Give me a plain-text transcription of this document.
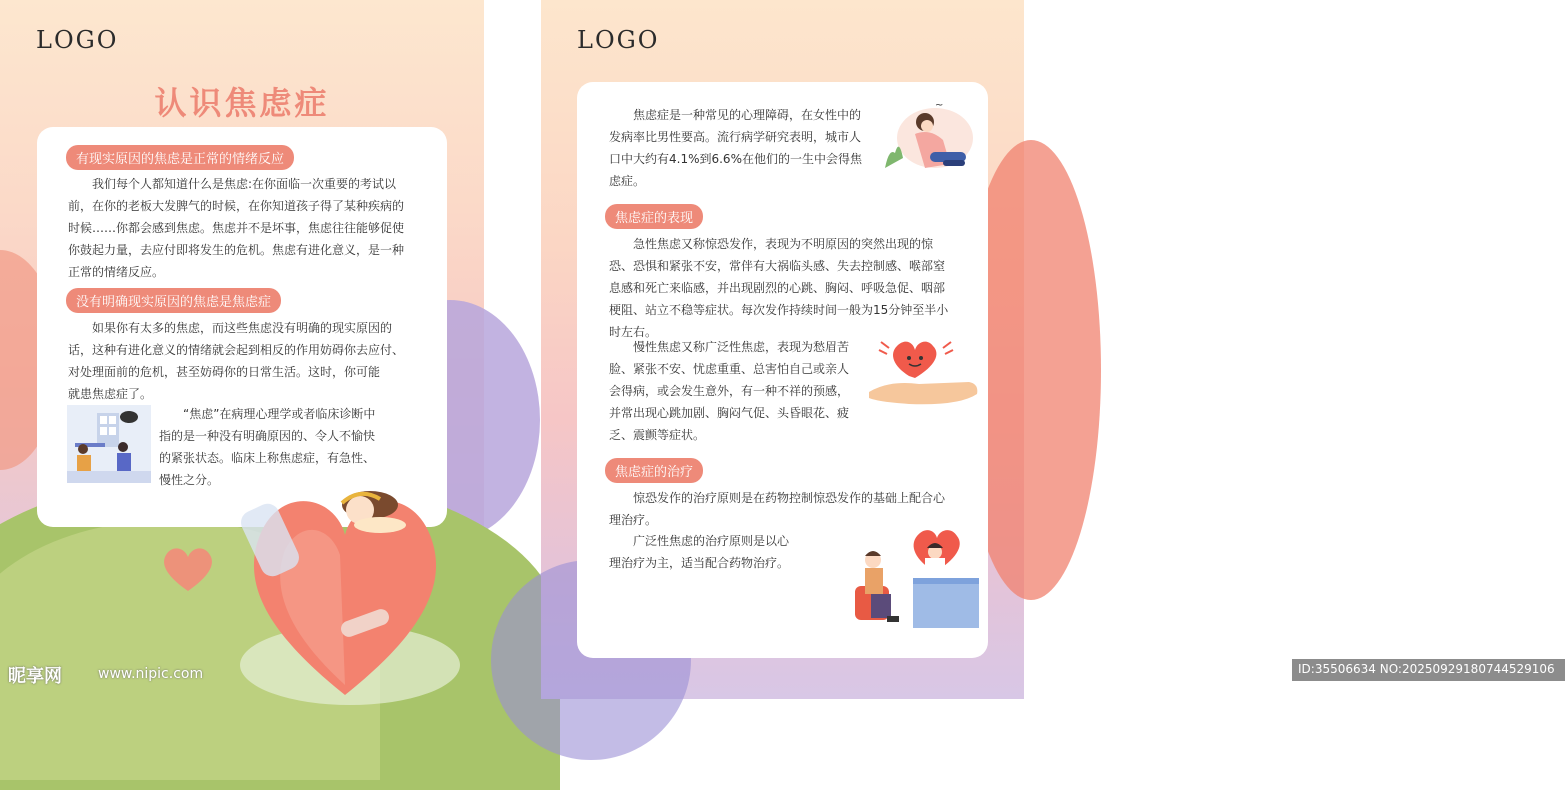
LOGO
认识焦虑症
有现实原因的焦虑是正常的情绪反应
我们每个人都知道什么是焦虑:在你面临一次重要的考试以
前，在你的老板大发脾气的时候，在你知道孩子得了某种疾病的
时候……你都会感到焦虑。焦虑并不是坏事，焦虑往往能够促使
你鼓起力量，去应付即将发生的危机。焦虑有进化意义，是一种
正常的情绪反应。
没有明确现实原因的焦虑是焦虑症
如果你有太多的焦虑，而这些焦虑没有明确的现实原因的
话，这种有进化意义的情绪就会起到相反的作用妨碍你去应付、
对处理面前的危机，甚至妨碍你的日常生活。这时，你可能
就患焦虑症了。
“焦虑”在病理心理学或者临床诊断中
指的是一种没有明确原因的、令人不愉快
的紧张状态。临床上称焦虑症，有急性、
慢性之分。
昵享网	www.nipic.com
LOGO
焦虑症是一种常见的心理障碍，在女性中的
发病率比男性要高。流行病学研究表明，城市人
口中大约有4.1%到6.6%在他们的一生中会得焦
虑症。
~
焦虑症的表现
急性焦虑又称惊恐发作，表现为不明原因的突然出现的惊
恐、恐惧和紧张不安，常伴有大祸临头感、失去控制感、喉部窒
息感和死亡来临感，并出现剧烈的心跳、胸闷、呼吸急促、咽部
梗阻、站立不稳等症状。每次发作持续时间一般为15分钟至半小
时左右。
慢性焦虑又称广泛性焦虑，表现为愁眉苦
脸、紧张不安、忧虑重重、总害怕自己或亲人
会得病，或会发生意外，有一种不祥的预感，
并常出现心跳加剧、胸闷气促、头昏眼花、疲
乏、震颤等症状。
焦虑症的治疗
惊恐发作的治疗原则是在药物控制惊恐发作的基础上配合心
理治疗。
广泛性焦虑的治疗原则是以心
理治疗为主，适当配合药物治疗。
ID:35506634 NO:20250929180744529106
